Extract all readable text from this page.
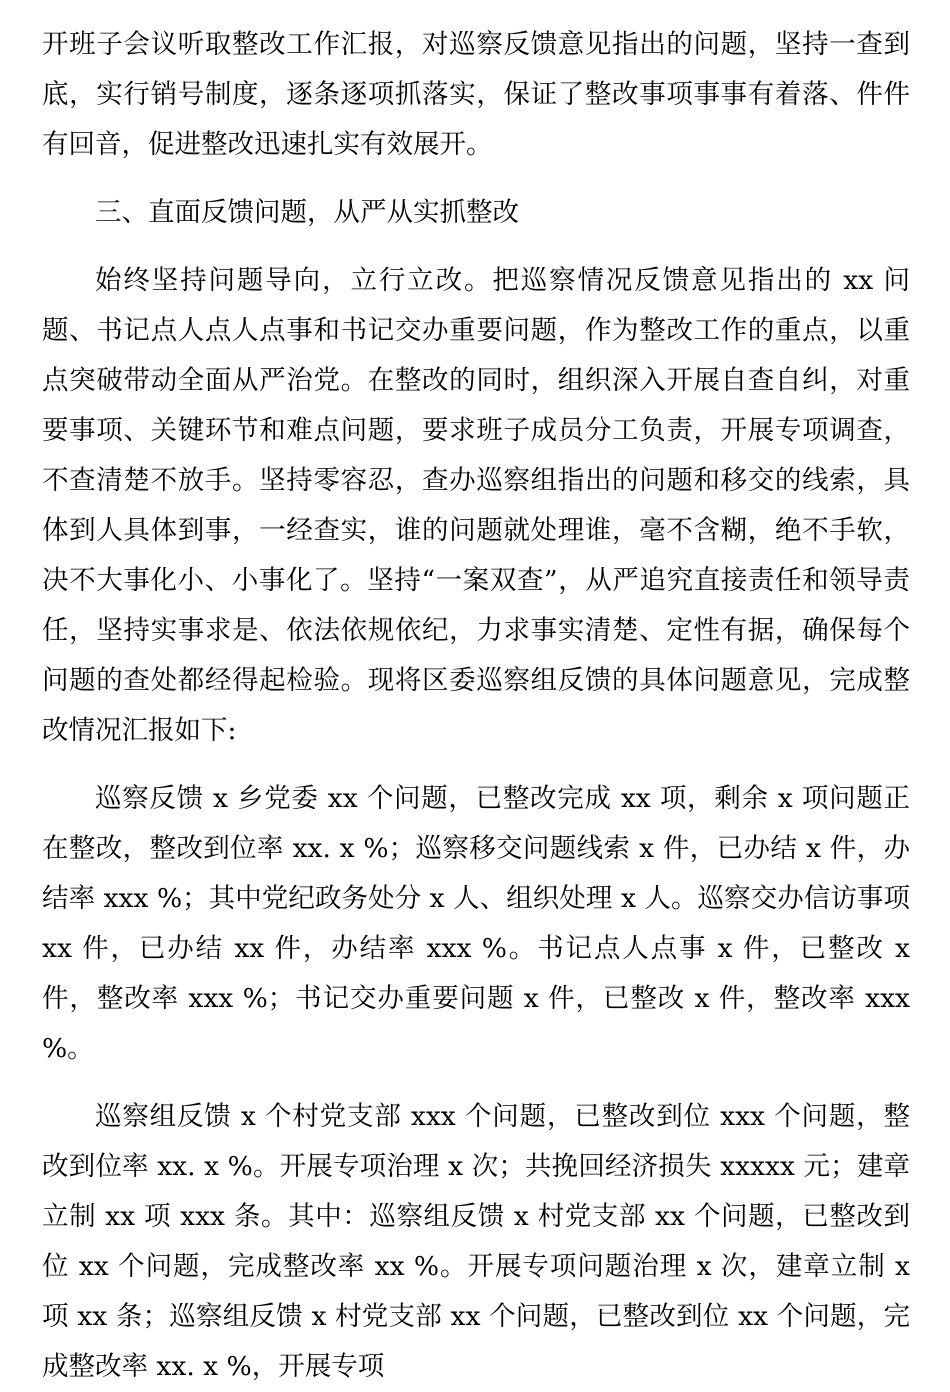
开班子会议听取整改工作汇报，对巡察反馈意见指出的问题，坚持一查到底，实行销号制度，逐条逐项抓落实，保证了整改事项事事有着落、件件有回音，促进整改迅速扎实有效展开。

三、直面反馈问题，从严从实抓整改

始终坚持问题导向，立行立改。把巡察情况反馈意见指出的 xx 问题、书记点人点人点事和书记交办重要问题，作为整改工作的重点，以重点突破带动全面从严治党。在整改的同时，组织深入开展自查自纠，对重要事项、关键环节和难点问题，要求班子成员分工负责，开展专项调查，不查清楚不放手。坚持零容忍，查办巡察组指出的问题和移交的线索，具体到人具体到事，一经查实，谁的问题就处理谁，毫不含糊，绝不手软，决不大事化小、小事化了。坚持“一案双查”，从严追究直接责任和领导责任，坚持实事求是、依法依规依纪，力求事实清楚、定性有据，确保每个问题的查处都经得起检验。现将区委巡察组反馈的具体问题意见，完成整改情况汇报如下:

巡察反馈 x 乡党委 xx 个问题，已整改完成 xx 项，剩余 x 项问题正在整改，整改到位率 xx. x %；巡察移交问题线索 x 件，已办结 x 件，办结率 xxx %；其中党纪政务处分 x 人、组织处理 x 人。巡察交办信访事项 xx 件，已办结 xx 件，办结率 xxx %。书记点人点事 x 件，已整改 x 件，整改率 xxx %；书记交办重要问题 x 件，已整改 x 件，整改率 xxx %。

巡察组反馈 x 个村党支部 xxx 个问题，已整改到位 xxx 个问题，整改到位率 xx. x %。开展专项治理 x 次；共挽回经济损失 xxxxx 元；建章立制 xx 项 xxx 条。其中：巡察组反馈 x 村党支部 xx 个问题，已整改到位 xx 个问题，完成整改率 xx %。开展专项问题治理 x 次，建章立制 x 项 xx 条；巡察组反馈 x 村党支部 xx 个问题，已整改到位 xx 个问题，完成整改率 xx. x %，开展专项
